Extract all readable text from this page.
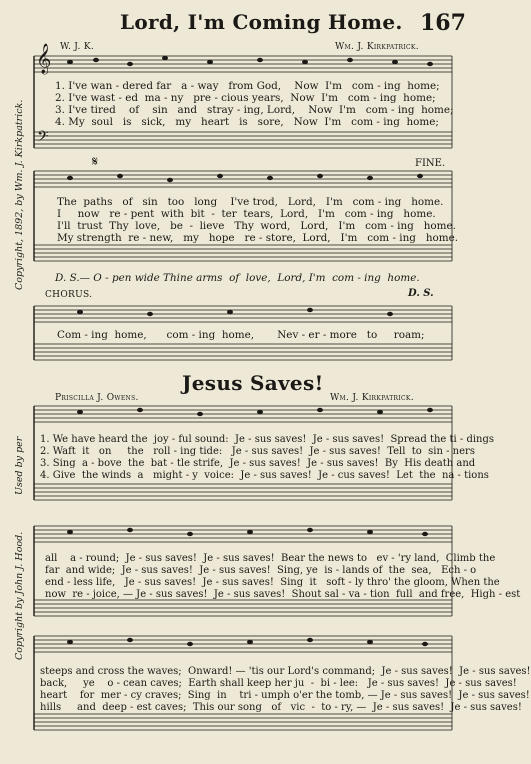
Lord, I'm Coming Home. 167
W. J. K.	Wm. J. Kirkpatrick.
Copyright, 1892, by Wm. J. Kirkpatrick.
Used by per
Copyright by John J. Hood.
𝄞
𝄢
1. I've wan - dered far   a - way   from God,    Now  I'm   com - ing  home;
2. I've wast - ed  ma - ny   pre - cious years,  Now  I'm   com - ing  home;
3. I've tired    of    sin   and   stray - ing, Lord,    Now  I'm   com - ing  home;
4. My  soul   is   sick,   my   heart   is   sore,   Now  I'm   com - ing  home;
𝄋	FINE.
The  paths   of   sin   too   long    I've trod,   Lord,   I'm   com - ing   home.
I     now   re - pent  with  bit  -  ter  tears,  Lord,   I'm   com - ing   home.
I'll  trust  Thy  love,   be  -  lieve   Thy  word,   Lord,   I'm   com - ing   home.
My strength  re - new,   my   hope   re - store,  Lord,   I'm   com - ing   home.
D. S.— O - pen wide Thine arms  of  love,  Lord, I'm  com - ing  home.
CHORUS.	D. S.
Com - ing  home,      com - ing  home,       Nev - er - more   to     roam;
Jesus Saves!
Priscilla J. Owens.	Wm. J. Kirkpatrick.
1. We have heard the  joy - ful sound:  Je - sus saves!  Je - sus saves!  Spread the ti - dings
2. Waft  it   on     the   roll - ing tide:   Je - sus saves!  Je - sus saves!  Tell  to  sin - ners
3. Sing  a - bove  the  bat - tle strife,  Je - sus saves!  Je - sus saves!  By  His death and
4. Give  the winds  a   might - y  voice:  Je - sus saves!  Je - cus saves!  Let  the  na - tions
all    a - round;  Je - sus saves!  Je - sus saves!  Bear the news to   ev - 'ry land,  Climb the
far  and wide;  Je - sus saves!  Je - sus saves!  Sing, ye  is - lands of  the  sea,   Ech - o
end - less life,   Je - sus saves!  Je - sus saves!  Sing  it   soft - ly thro' the gloom, When the
now  re - joice, — Je - sus saves!  Je - sus saves!  Shout sal - va - tion  full  and free,  High - est
steeps and cross the waves;  Onward! — 'tis our Lord's command;  Je - sus saves!  Je - sus saves!
back,     ye    o - cean caves;  Earth shall keep her ju  -  bi - lee:   Je - sus saves!  Je - sus saves!
heart    for  mer - cy craves;  Sing  in    tri - umph o'er the tomb, — Je - sus saves!  Je - sus saves!
hills     and  deep - est caves;  This our song   of   vic  -  to - ry, —  Je - sus saves!  Je - sus saves!
